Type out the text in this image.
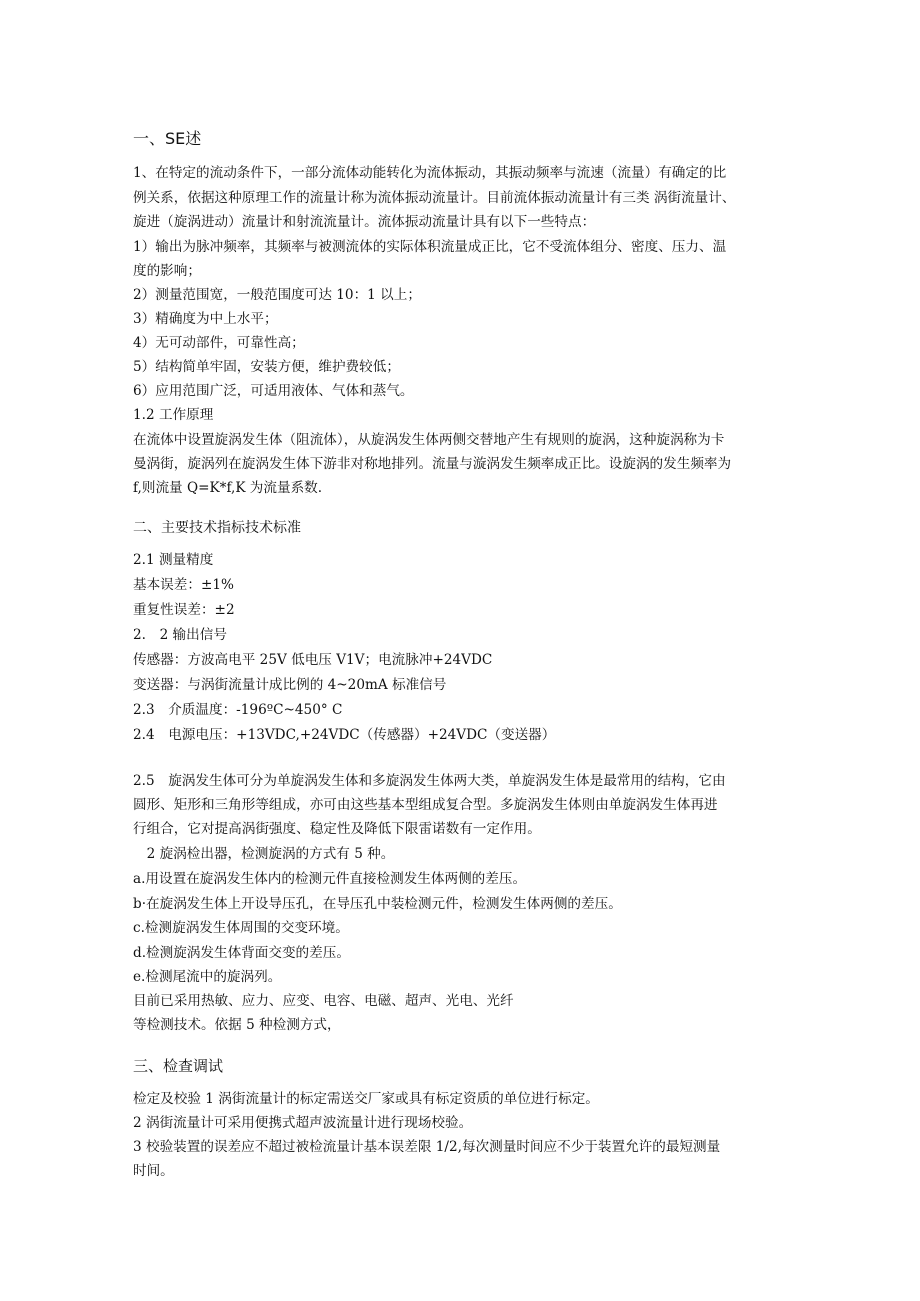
一、SE述
1、在特定的流动条件下，一部分流体动能转化为流体振动，其振动频率与流速（流量）有确定的比
例关系，依据这种原理工作的流量计称为流体振动流量计。目前流体振动流量计有三类 涡街流量计、
旋进（旋涡进动）流量计和射流流量计。流体振动流量计具有以下一些特点：
1）输出为脉冲频率，其频率与被测流体的实际体积流量成正比，它不受流体组分、密度、压力、温
度的影响；
2）测量范围宽，一般范围度可达 10：1 以上；
3）精确度为中上水平；
4）无可动部件，可靠性高；
5）结构简单牢固，安装方便，维护费较低；
6）应用范围广泛，可适用液体、气体和蒸气。
1.2 工作原理
在流体中设置旋涡发生体（阻流体），从旋涡发生体两侧交替地产生有规则的旋涡，这种旋涡称为卡
曼涡街，旋涡列在旋涡发生体下游非对称地排列。流量与漩涡发生频率成正比。设旋涡的发生频率为
f,则流量 Q=K*f,K 为流量系数.
二、主要技术指标技术标准
2.1 测量精度
基本误差：±1%
重复性误差：±2
2.　2 输出信号
传感器：方波高电平 25V 低电压 V1V；电流脉冲+24VDC
变送器：与涡街流量计成比例的 4~20mA 标准信号
2.3　介质温度：-196ºC~450° C
2.4　电源电压：+13VDC,+24VDC（传感器）+24VDC（变送器）
2.5　旋涡发生体可分为单旋涡发生体和多旋涡发生体两大类，单旋涡发生体是最常用的结构，它由
圆形、矩形和三角形等组成，亦可由这些基本型组成复合型。多旋涡发生体则由单旋涡发生体再进
行组合，它对提高涡街强度、稳定性及降低下限雷诺数有一定作用。
　2 旋涡检出器，检测旋涡的方式有 5 种。
a.用设置在旋涡发生体内的检测元件直接检测发生体两侧的差压。
b·在旋涡发生体上开设导压孔，在导压孔中装检测元件，检测发生体两侧的差压。
c.检测旋涡发生体周围的交变环境。
d.检测旋涡发生体背面交变的差压。
e.检测尾流中的旋涡列。
目前已采用热敏、应力、应变、电容、电磁、超声、光电、光纤
等检测技术。依据 5 种检测方式，
三、检查调试
检定及校验 1 涡街流量计的标定需送交厂家或具有标定资质的单位进行标定。
2 涡街流量计可采用便携式超声波流量计进行现场校验。
3 校验装置的误差应不超过被检流量计基本误差限 1/2,每次测量时间应不少于装置允许的最短测量
时间。
